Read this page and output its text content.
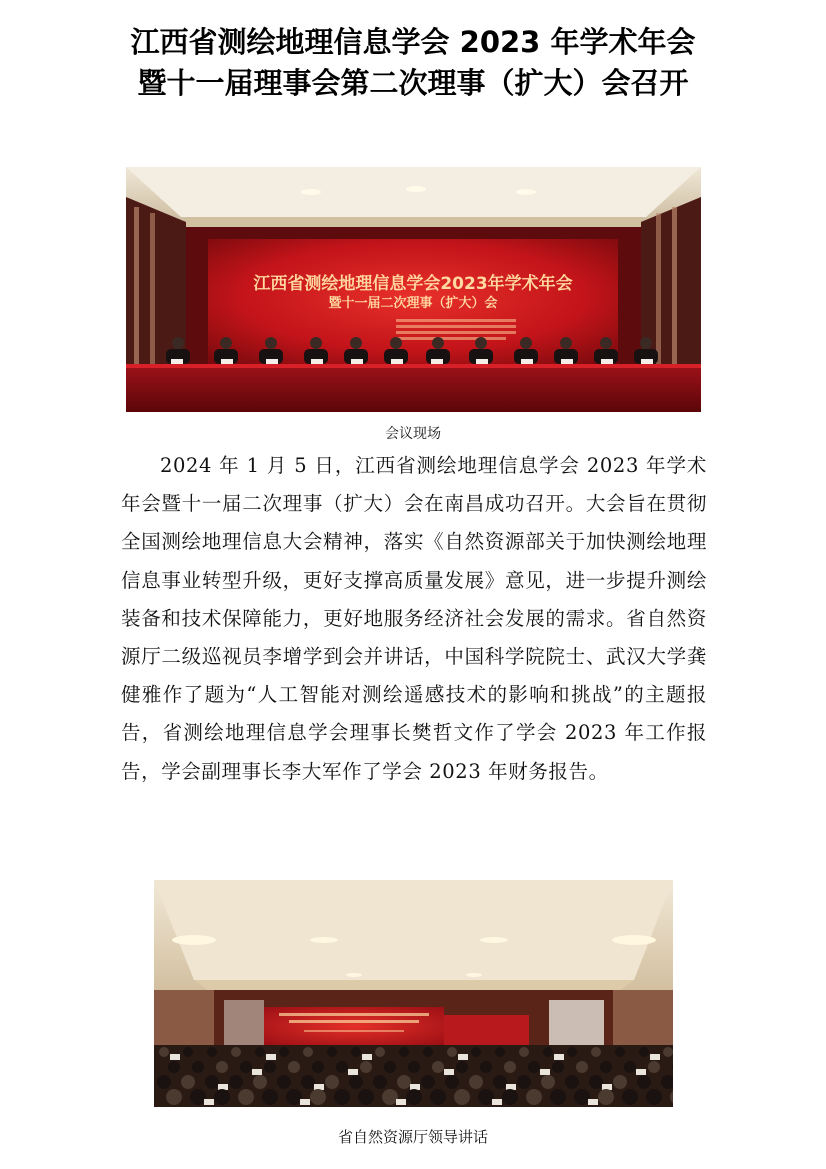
江西省测绘地理信息学会 2023 年学术年会
暨十一届理事会第二次理事（扩大）会召开
江西省测绘地理信息学会2023年学术年会
暨十一届二次理事（扩大）会
会议现场
2024 年 1 月 5 日，江西省测绘地理信息学会 2023 年学术年会暨十一届二次理事（扩大）会在南昌成功召开。大会旨在贯彻全国测绘地理信息大会精神，落实《自然资源部关于加快测绘地理信息事业转型升级，更好支撑高质量发展》意见，进一步提升测绘装备和技术保障能力，更好地服务经济社会发展的需求。省自然资源厅二级巡视员李增学到会并讲话，中国科学院院士、武汉大学龚健雅作了题为“人工智能对测绘遥感技术的影响和挑战”的主题报告，省测绘地理信息学会理事长樊哲文作了学会 2023 年工作报告，学会副理事长李大军作了学会 2023 年财务报告。
省自然资源厅领导讲话
